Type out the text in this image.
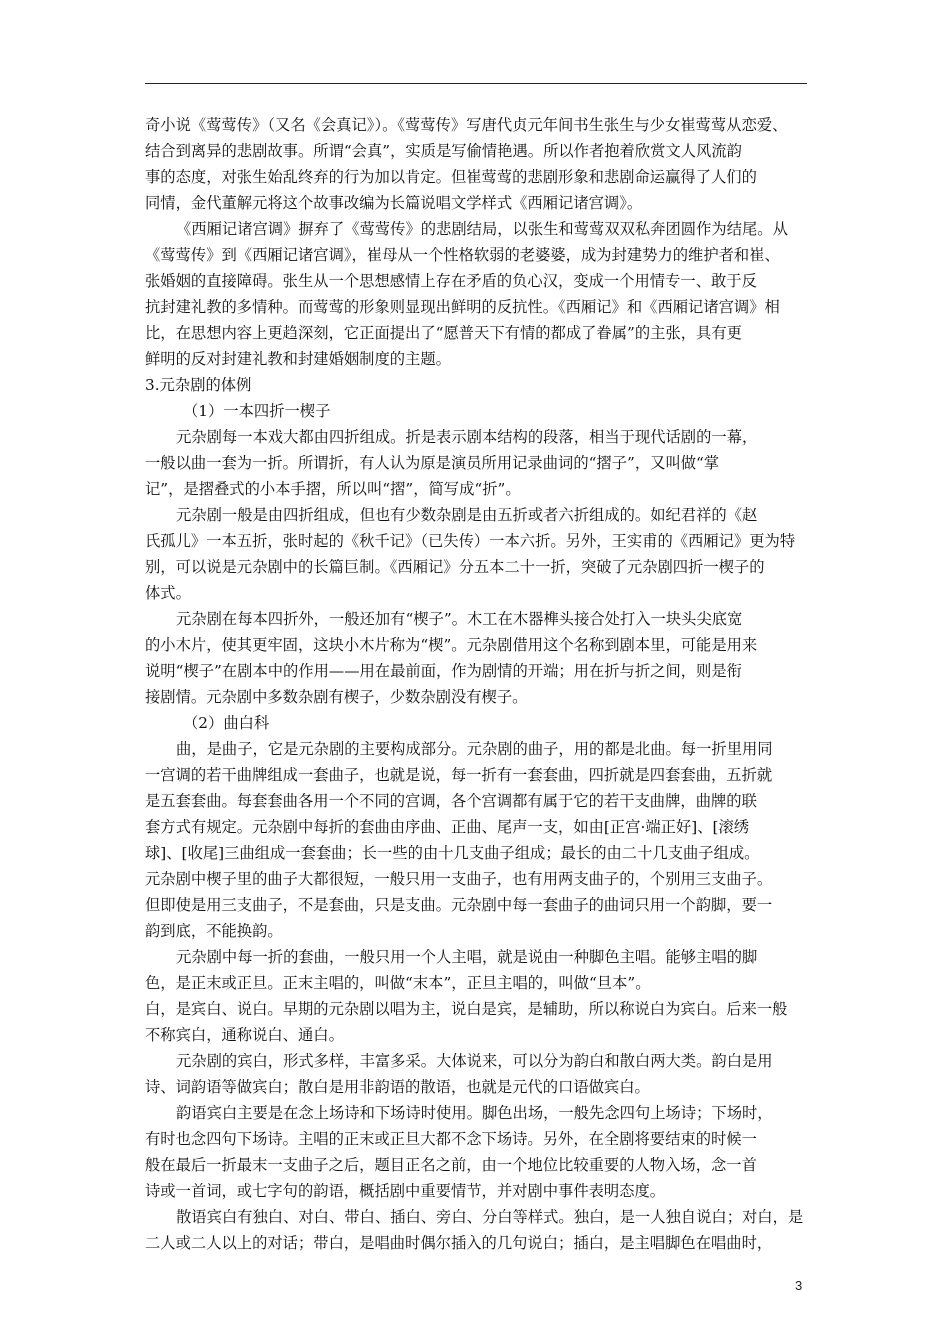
奇小说《莺莺传》（又名《会真记》）。《莺莺传》写唐代贞元年间书生张生与少女崔莺莺从恋爱、
结合到离异的悲剧故事。所谓“会真”，实质是写偷情艳遇。所以作者抱着欣赏文人风流韵
事的态度，对张生始乱终弃的行为加以肯定。但崔莺莺的悲剧形象和悲剧命运赢得了人们的
同情，金代董解元将这个故事改编为长篇说唱文学样式《西厢记诸宫调》。
《西厢记诸宫调》摒弃了《莺莺传》的悲剧结局，以张生和莺莺双双私奔团圆作为结尾。从
《莺莺传》到《西厢记诸宫调》，崔母从一个性格软弱的老婆婆，成为封建势力的维护者和崔、
张婚姻的直接障碍。张生从一个思想感情上存在矛盾的负心汉，变成一个用情专一、敢于反
抗封建礼教的多情种。而莺莺的形象则显现出鲜明的反抗性。《西厢记》和《西厢记诸宫调》相
比，在思想内容上更趋深刻，它正面提出了“愿普天下有情的都成了眷属”的主张，具有更
鲜明的反对封建礼教和封建婚姻制度的主题。
3.元杂剧的体例
（1）一本四折一楔子
元杂剧每一本戏大都由四折组成。折是表示剧本结构的段落，相当于现代话剧的一幕，
一般以曲一套为一折。所谓折，有人认为原是演员所用记录曲词的“摺子”，又叫做“掌
记”，是摺叠式的小本手摺，所以叫“摺”，简写成“折”。
元杂剧一般是由四折组成，但也有少数杂剧是由五折或者六折组成的。如纪君祥的《赵
氏孤儿》一本五折，张时起的《秋千记》（已失传）一本六折。另外，王实甫的《西厢记》更为特
别，可以说是元杂剧中的长篇巨制。《西厢记》分五本二十一折，突破了元杂剧四折一楔子的
体式。
元杂剧在每本四折外，一般还加有“楔子”。木工在木器榫头接合处打入一块头尖底宽
的小木片，使其更牢固，这块小木片称为“楔”。元杂剧借用这个名称到剧本里，可能是用来
说明“楔子”在剧本中的作用——用在最前面，作为剧情的开端；用在折与折之间，则是衔
接剧情。元杂剧中多数杂剧有楔子，少数杂剧没有楔子。
（2）曲白科
曲，是曲子，它是元杂剧的主要构成部分。元杂剧的曲子，用的都是北曲。每一折里用同
一宫调的若干曲牌组成一套曲子，也就是说，每一折有一套套曲，四折就是四套套曲，五折就
是五套套曲。每套套曲各用一个不同的宫调，各个宫调都有属于它的若干支曲牌，曲牌的联
套方式有规定。元杂剧中每折的套曲由序曲、正曲、尾声一支，如由[正宫·端正好]、[滚绣
球]、[收尾]三曲组成一套套曲；长一些的由十几支曲子组成；最长的由二十几支曲子组成。
元杂剧中楔子里的曲子大都很短，一般只用一支曲子，也有用两支曲子的，个别用三支曲子。
但即使是用三支曲子，不是套曲，只是支曲。元杂剧中每一套曲子的曲词只用一个韵脚，要一
韵到底，不能换韵。
元杂剧中每一折的套曲，一般只用一个人主唱，就是说由一种脚色主唱。能够主唱的脚
色，是正末或正旦。正末主唱的，叫做“末本”，正旦主唱的，叫做“旦本”。
白，是宾白、说白。早期的元杂剧以唱为主，说白是宾，是辅助，所以称说白为宾白。后来一般
不称宾白，通称说白、通白。
元杂剧的宾白，形式多样，丰富多采。大体说来，可以分为韵白和散白两大类。韵白是用
诗、词韵语等做宾白；散白是用非韵语的散语，也就是元代的口语做宾白。
韵语宾白主要是在念上场诗和下场诗时使用。脚色出场，一般先念四句上场诗；下场时，
有时也念四句下场诗。主唱的正末或正旦大都不念下场诗。另外，在全剧将要结束的时候一
般在最后一折最末一支曲子之后，题目正名之前，由一个地位比较重要的人物入场，念一首
诗或一首词，或七字句的韵语，概括剧中重要情节，并对剧中事件表明态度。
散语宾白有独白、对白、带白、插白、旁白、分白等样式。独白，是一人独自说白；对白，是
二人或二人以上的对话；带白，是唱曲时偶尔插入的几句说白；插白，是主唱脚色在唱曲时，
3
